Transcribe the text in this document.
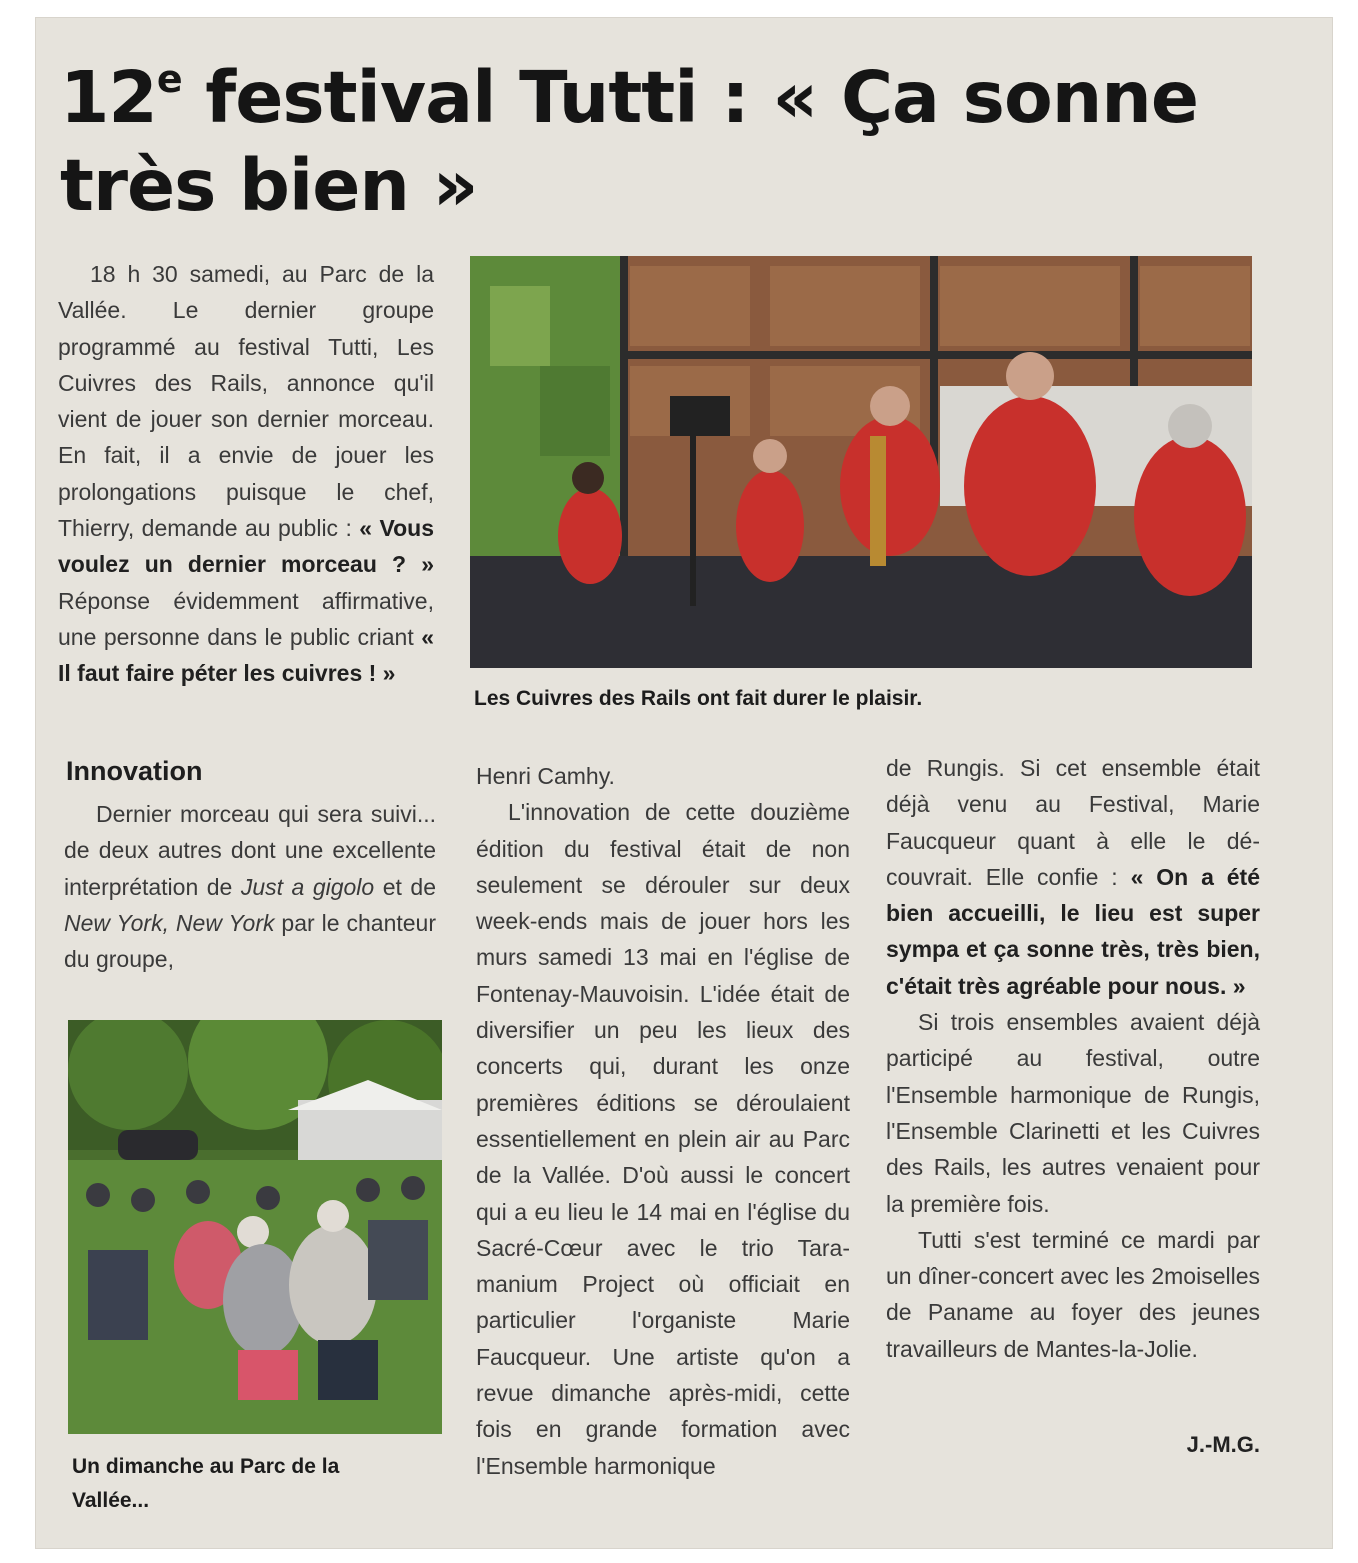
12e festival Tutti : « Ça sonne très bien »

18 h 30 samedi, au Parc de la Vallée. Le dernier groupe programmé au festival Tutti, Les Cuivres des Rails, annonce qu'il vient de jouer son dernier morceau. En fait, il a envie de jouer les prolongations puisque le chef, Thierry, demande au public : « Vous voulez un dernier morceau ? » Réponse évidemment affirmative, une personne dans le public criant « Il faut faire péter les cuivres ! »

Les Cuivres des Rails ont fait durer le plaisir.
Innovation

Dernier morceau qui sera suivi... de deux autres dont une excellente interprétation de Just a gigolo et de New York, New York par le chanteur du groupe,

Un dimanche au Parc de la Vallée...

Henri Camhy.

L'innovation de cette douzième édition du festival était de non seulement se dérouler sur deux week-ends mais de jouer hors les murs samedi 13 mai en l'église de Fontenay-Mauvoisin. L'idée était de diversifier un peu les lieux des concerts qui, durant les onze premières éditions se déroulaient essentiellement en plein air au Parc de la Vallée. D'où aussi le concert qui a eu lieu le 14 mai en l'église du Sacré-Cœur avec le trio Taramanium Project où officiait en particulier l'organiste Marie Faucqueur. Une artiste qu'on a revue dimanche après-midi, cette fois en grande formation avec l'Ensemble harmonique

de Rungis. Si cet ensemble était déjà venu au Festival, Marie Faucqueur quant à elle le découvrait. Elle confie : « On a été bien accueilli, le lieu est super sympa et ça sonne très, très bien, c'était très agréable pour nous. »

Si trois ensembles avaient déjà participé au festival, outre l'Ensemble harmonique de Rungis, l'Ensemble Clarinetti et les Cuivres des Rails, les autres venaient pour la première fois.

Tutti s'est terminé ce mardi par un dîner-concert avec les 2moiselles de Paname au foyer des jeunes travailleurs de Mantes-la-Jolie.

J.-M.G.
